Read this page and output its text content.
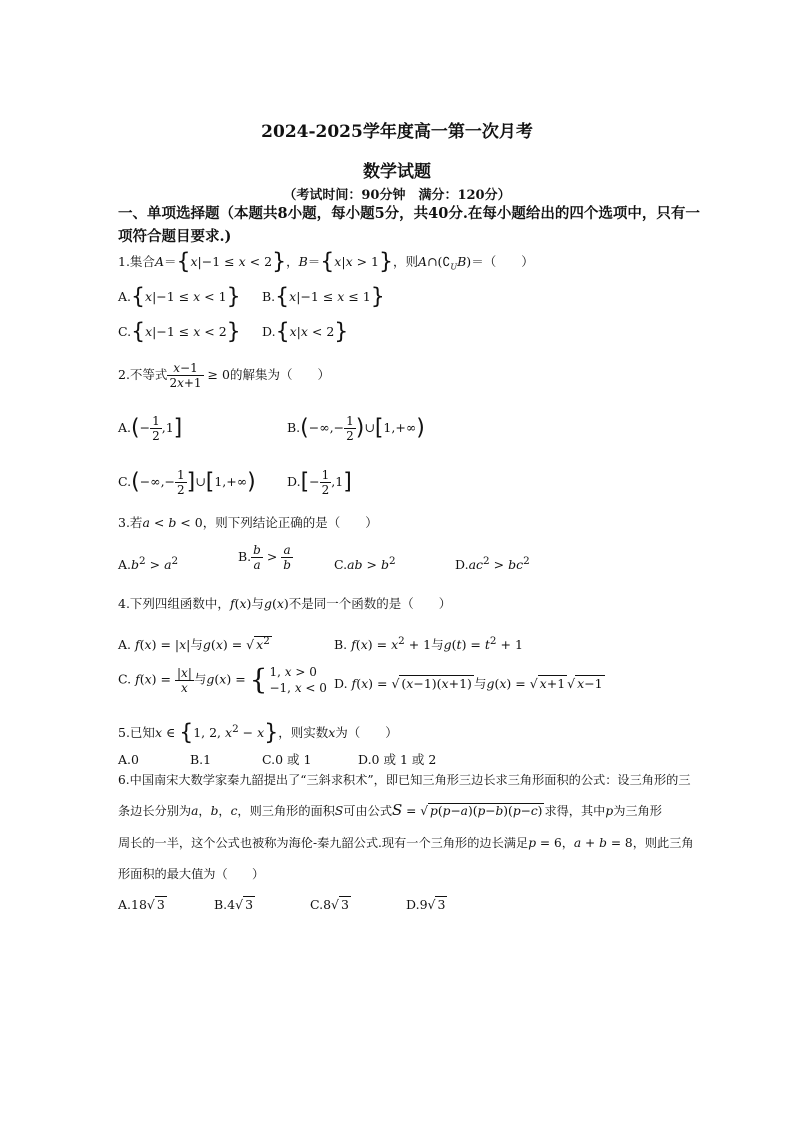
2024-2025学年度高一第一次月考
数学试题
（考试时间：90分钟　满分：120分）
一、单项选择题（本题共8小题，每小题5分，共40分.在每小题给出的四个选项中，只有一
项符合题目要求.)
1.集合A＝{x|−1 ≤ x < 2}，B＝{x|x > 1}，则$A\cap(∁_UB)=$（　　）
A.{x|−1 ≤ x < 1} B.{x|−1 ≤ x ≤ 1}
C.{x|−1 ≤ x < 2} D.{x|x < 2}
2.不等式 $\frac{x-1}{2x+1} \ge 0$的解集为（　　）
$A.(- \frac{1}{2} ,1]$	$B.(-\infty,- \frac{1}{2}$ )∪[1,+∞)
$C.(-\infty,- \frac{1}{2}$ ]∪[1,+∞)	$D.[- \frac{1}{2} ,1]$
3.若a < b < 0，则下列结论正确的是（　　）
$A.b^2 > a^2$	B. $\frac{b}{a} > \frac{a}{b}$	$C.ab > b^2$	$D.ac^2 > bc^2$
4.下列四组函数中，f(x)与g(x)不是同一个函数的是（　　）
A. f(x) = |x|与g(x) = √ $x^2$	B. $f(x) = x^2 + 1$与$g(t) = t^2 + 1$
C. $f(x) = \frac{|x|}{x}$ 与g(x) = { 1, x > 0
−1, x < 0 D. f(x) = √ (x−1)(x+1) 与g(x) = √ x+1 √ x−1
5.已知x ∈ {1, 2, $x^2 - x$}，则实数x为（　　）
A.0	B.1	C.0 或 1	D.0 或 1 或 2
6.中国南宋大数学家秦九韶提出了“三斜求积术”，即已知三角形三边长求三角形面积的公式：设三角形的三
条边长分别为a，b，c，则三角形的面积S可由公式S = √ p(p−a)(p−b)(p−c) 求得，其中p为三角形
周长的一半，这个公式也被称为海伦-秦九韶公式.现有一个三角形的边长满足p = 6，a + b = 8，则此三角
形面积的最大值为（　　）
A.18√ 3	B.4√ 3	C.8√ 3	D.9√ 3
